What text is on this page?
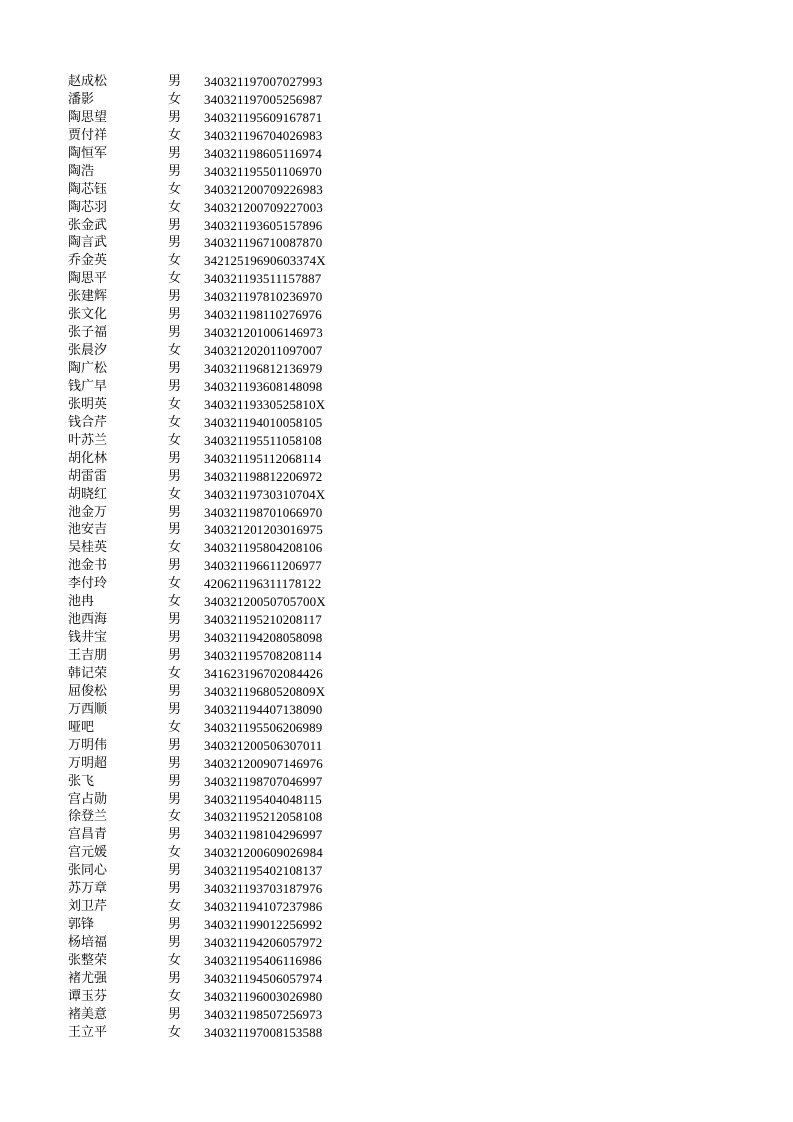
赵成松	男	340321197007027993
潘影	女	340321197005256987
陶思望	男	340321195609167871
贾付祥	女	340321196704026983
陶恒军	男	340321198605116974
陶浩	男	340321195501106970
陶芯钰	女	340321200709226983
陶芯羽	女	340321200709227003
张金武	男	340321193605157896
陶言武	男	340321196710087870
乔金英	女	34212519690603374X
陶思平	女	340321193511157887
张建辉	男	340321197810236970
张文化	男	340321198110276976
张子福	男	340321201006146973
张晨汐	女	340321202011097007
陶广松	男	340321196812136979
钱广早	男	340321193608148098
张明英	女	34032119330525810X
钱合芹	女	340321194010058105
叶苏兰	女	340321195511058108
胡化林	男	340321195112068114
胡雷雷	男	340321198812206972
胡晓红	女	34032119730310704X
池金万	男	340321198701066970
池安吉	男	340321201203016975
吴桂英	女	340321195804208106
池金书	男	340321196611206977
李付玲	女	420621196311178122
池冉	女	34032120050705700X
池西海	男	340321195210208117
钱井宝	男	340321194208058098
王吉朋	男	340321195708208114
韩记荣	女	341623196702084426
屈俊松	男	34032119680520809X
万西顺	男	340321194407138090
哑吧	女	340321195506206989
万明伟	男	340321200506307011
万明超	男	340321200907146976
张飞	男	340321198707046997
宫占勋	男	340321195404048115
徐登兰	女	340321195212058108
宫昌青	男	340321198104296997
宫元媛	女	340321200609026984
张同心	男	340321195402108137
苏万章	男	340321193703187976
刘卫芹	女	340321194107237986
郭锋	男	340321199012256992
杨培福	男	340321194206057972
张整荣	女	340321195406116986
褚尤强	男	340321194506057974
谭玉芬	女	340321196003026980
褚美意	男	340321198507256973
王立平	女	340321197008153588
